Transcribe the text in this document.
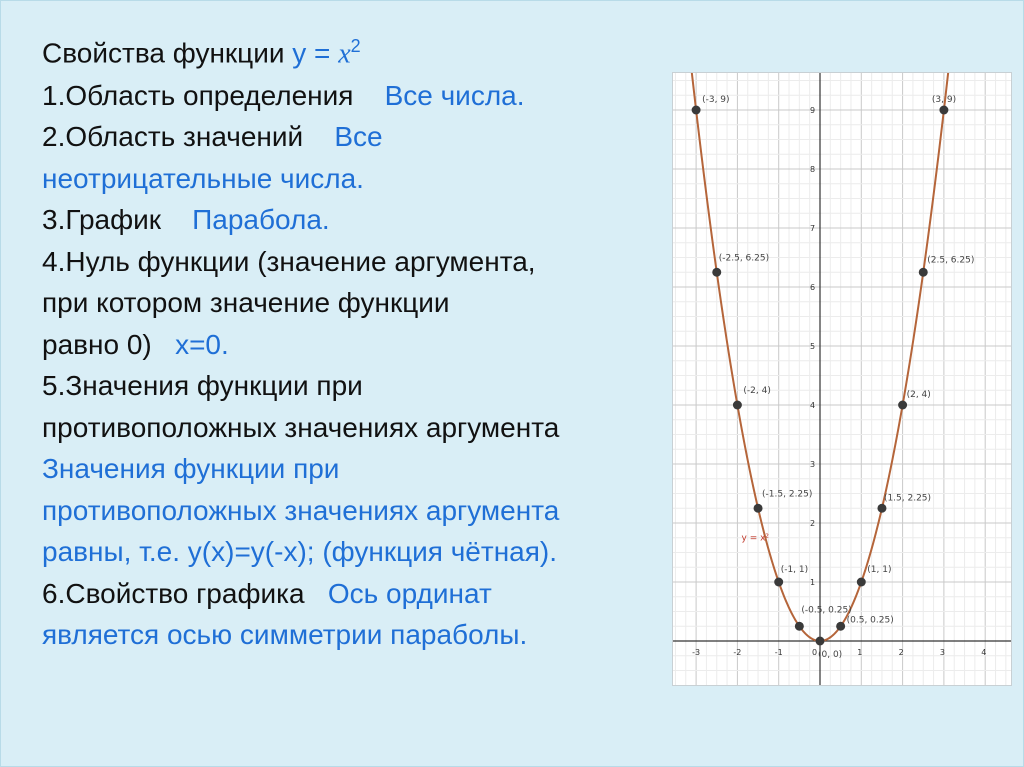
Свойства функции $у = x^2$
1.Область определения Все числа.
2.Область значений Все
неотрицательные числа.
3.График Парабола.
4.Нуль функции (значение аргумента,
при котором значение функции
равно 0) х=0.
5.Значения функции при
противоположных значениях аргумента
Значения функции при
противоположных значениях аргумента
равны, т.е. у(х)=у(-х); (функция чётная).
6.Свойство графика Ось ординат
является осью симметрии параболы.
-3	-2	-1	0	1	2	3	4
1
2
3
4
5
6
7
8
9
y = x²
(-3, 9)
(-2.5, 6.25)
(-2, 4)
(-1.5, 2.25)
(-1, 1)
(-0.5, 0.25)
(0, 0)
(0.5, 0.25)
(1, 1)
(1.5, 2.25)
(2, 4)
(2.5, 6.25)
(3, 9)
